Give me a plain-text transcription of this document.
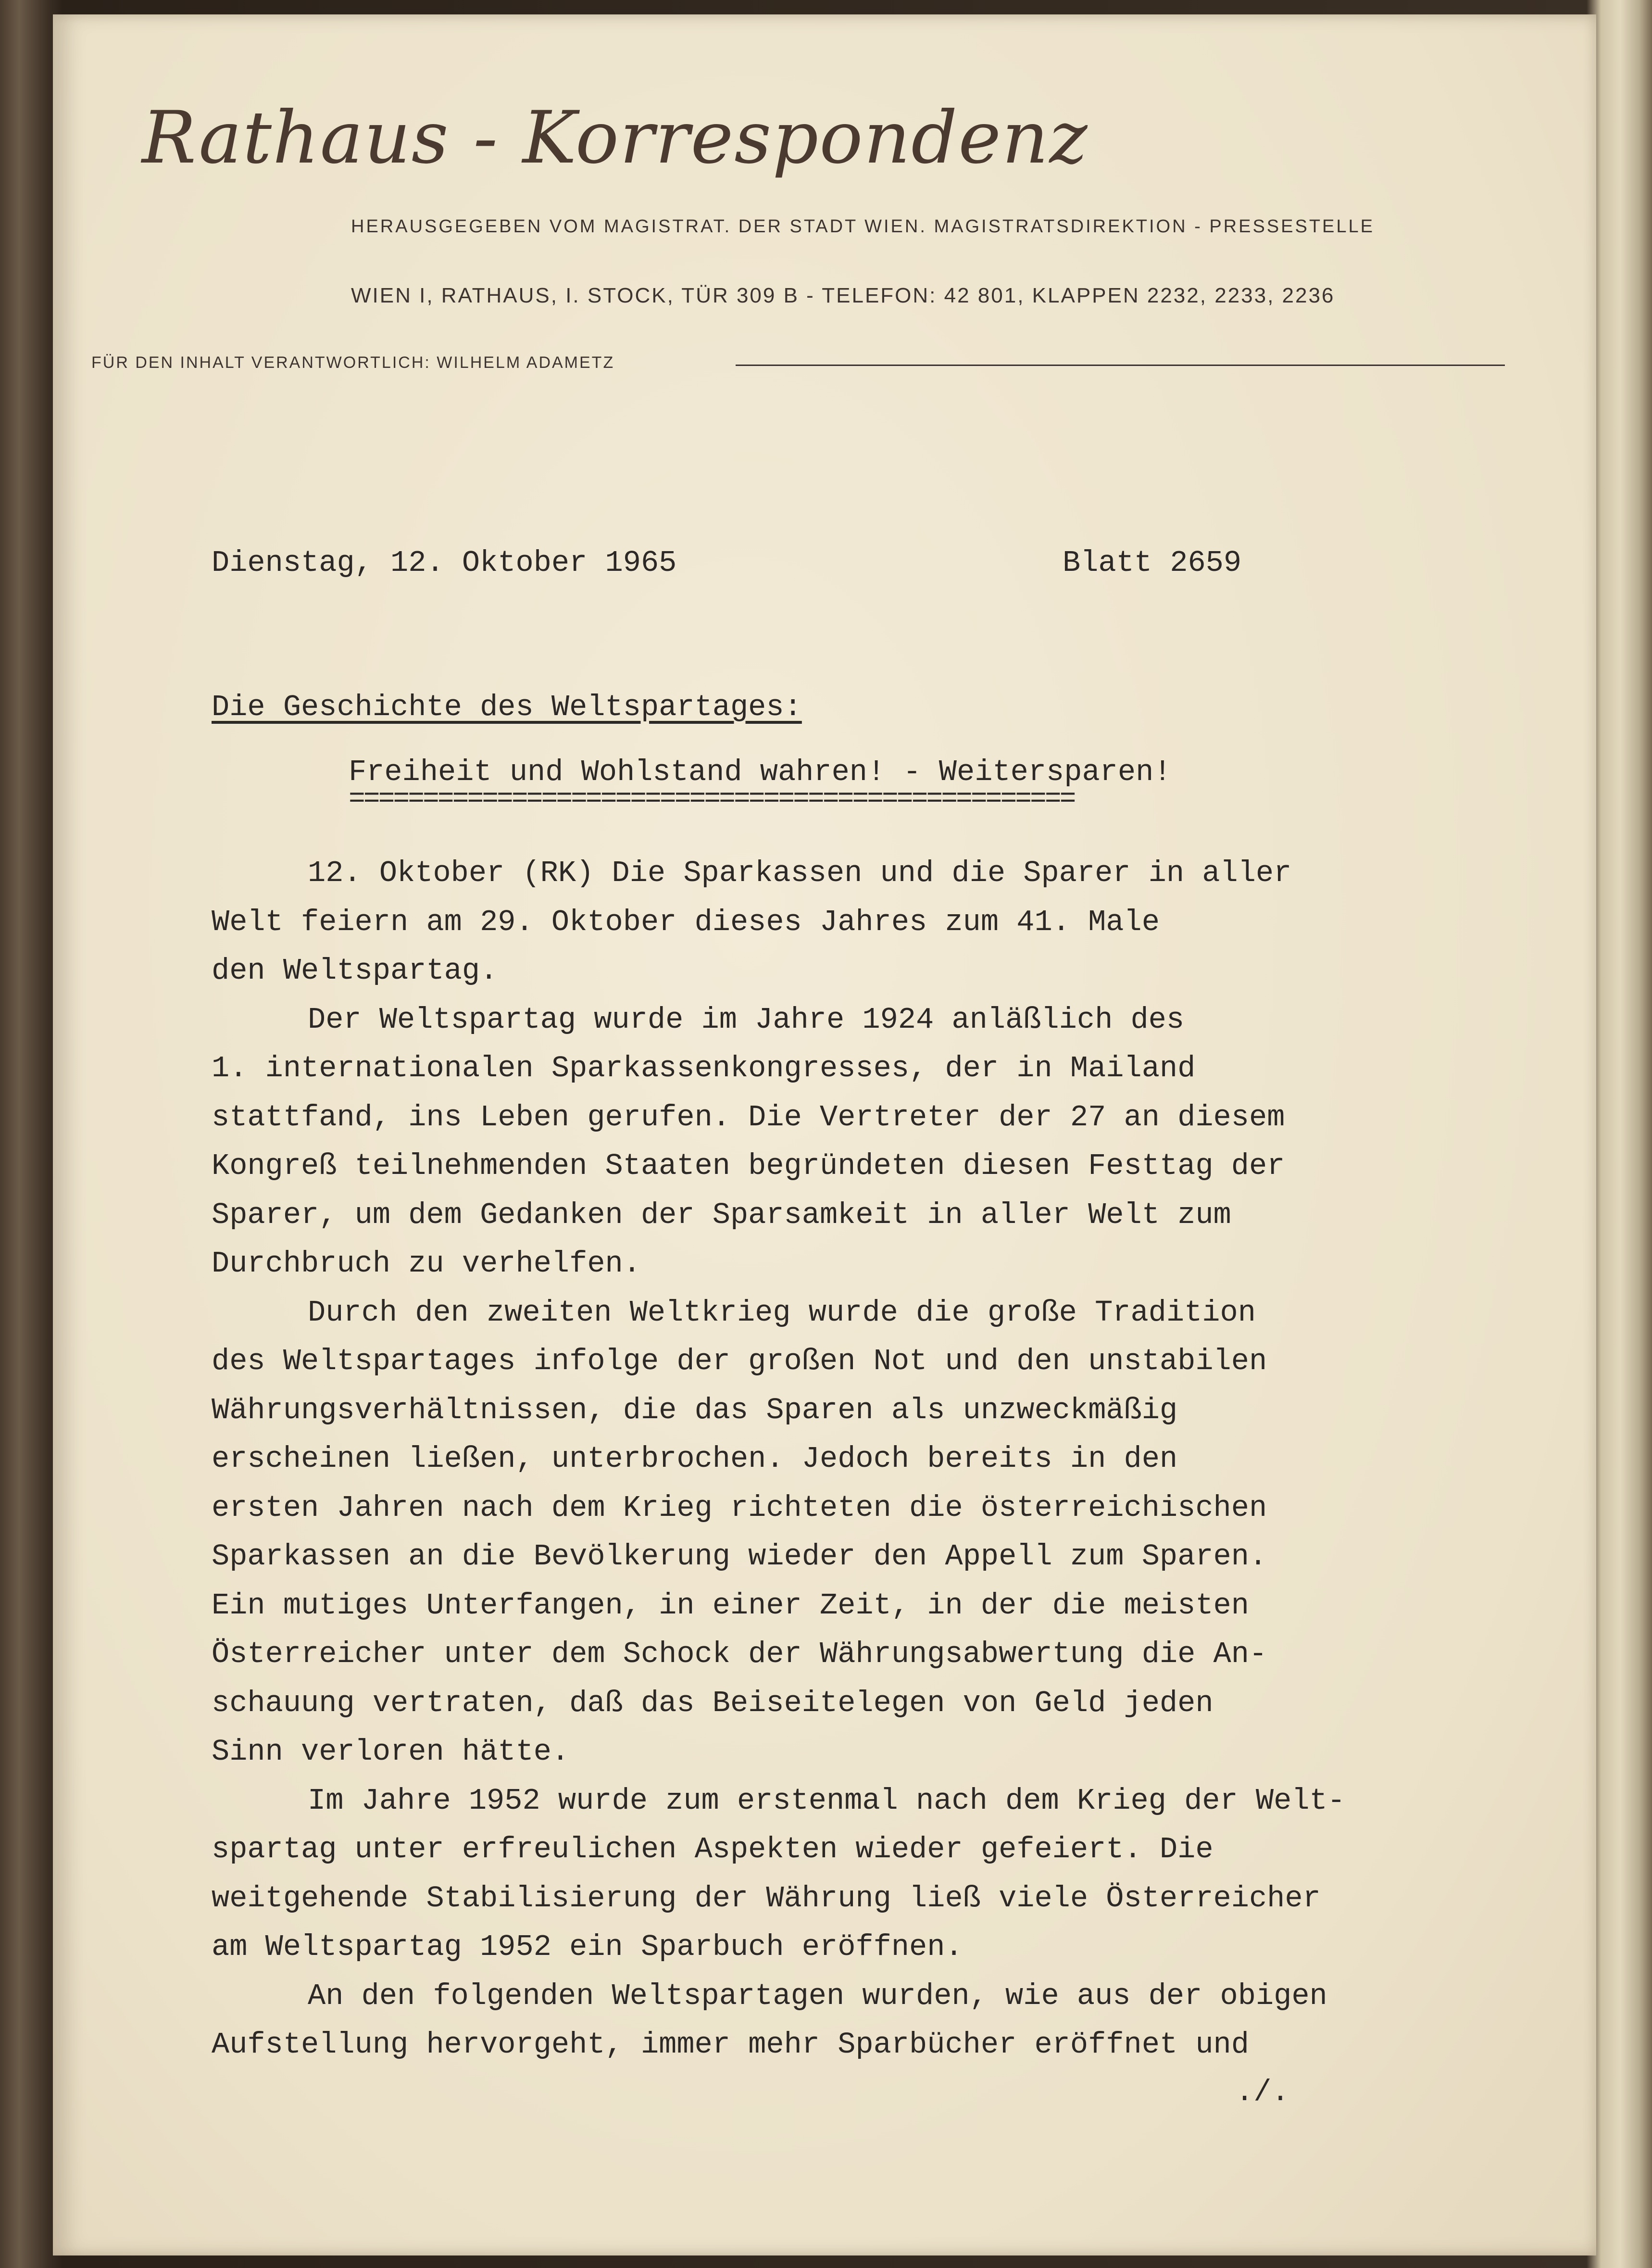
Rathaus - Korrespondenz
HERAUSGEGEBEN VOM MAGISTRAT. DER STADT WIEN. MAGISTRATSDIREKTION - PRESSESTELLE
WIEN I, RATHAUS, I. STOCK, TÜR 309 B - TELEFON: 42 801, KLAPPEN 2232, 2233, 2236
FÜR DEN INHALT VERANTWORTLICH: WILHELM ADAMETZ
Dienstag, 12. Oktober 1965	Blatt 2659
Die Geschichte des Weltspartages:
Freiheit und Wohlstand wahren! - Weitersparen!
=================================================
12. Oktober (RK) Die Sparkassen und die Sparer in aller
Welt feiern am 29. Oktober dieses Jahres zum 41. Male
den Weltspartag.
Der Weltspartag wurde im Jahre 1924 anläßlich des
1. internationalen Sparkassenkongresses, der in Mailand
stattfand, ins Leben gerufen. Die Vertreter der 27 an diesem
Kongreß teilnehmenden Staaten begründeten diesen Festtag der
Sparer, um dem Gedanken der Sparsamkeit in aller Welt zum
Durchbruch zu verhelfen.
Durch den zweiten Weltkrieg wurde die große Tradition
des Weltspartages infolge der großen Not und den unstabilen
Währungsverhältnissen, die das Sparen als unzweckmäßig
erscheinen ließen, unterbrochen. Jedoch bereits in den
ersten Jahren nach dem Krieg richteten die österreichischen
Sparkassen an die Bevölkerung wieder den Appell zum Sparen.
Ein mutiges Unterfangen, in einer Zeit, in der die meisten
Österreicher unter dem Schock der Währungsabwertung die An-
schauung vertraten, daß das Beiseitelegen von Geld jeden
Sinn verloren hätte.
Im Jahre 1952 wurde zum erstenmal nach dem Krieg der Welt-
spartag unter erfreulichen Aspekten wieder gefeiert. Die
weitgehende Stabilisierung der Währung ließ viele Österreicher
am Weltspartag 1952 ein Sparbuch eröffnen.
An den folgenden Weltspartagen wurden, wie aus der obigen
Aufstellung hervorgeht, immer mehr Sparbücher eröffnet und
./.
